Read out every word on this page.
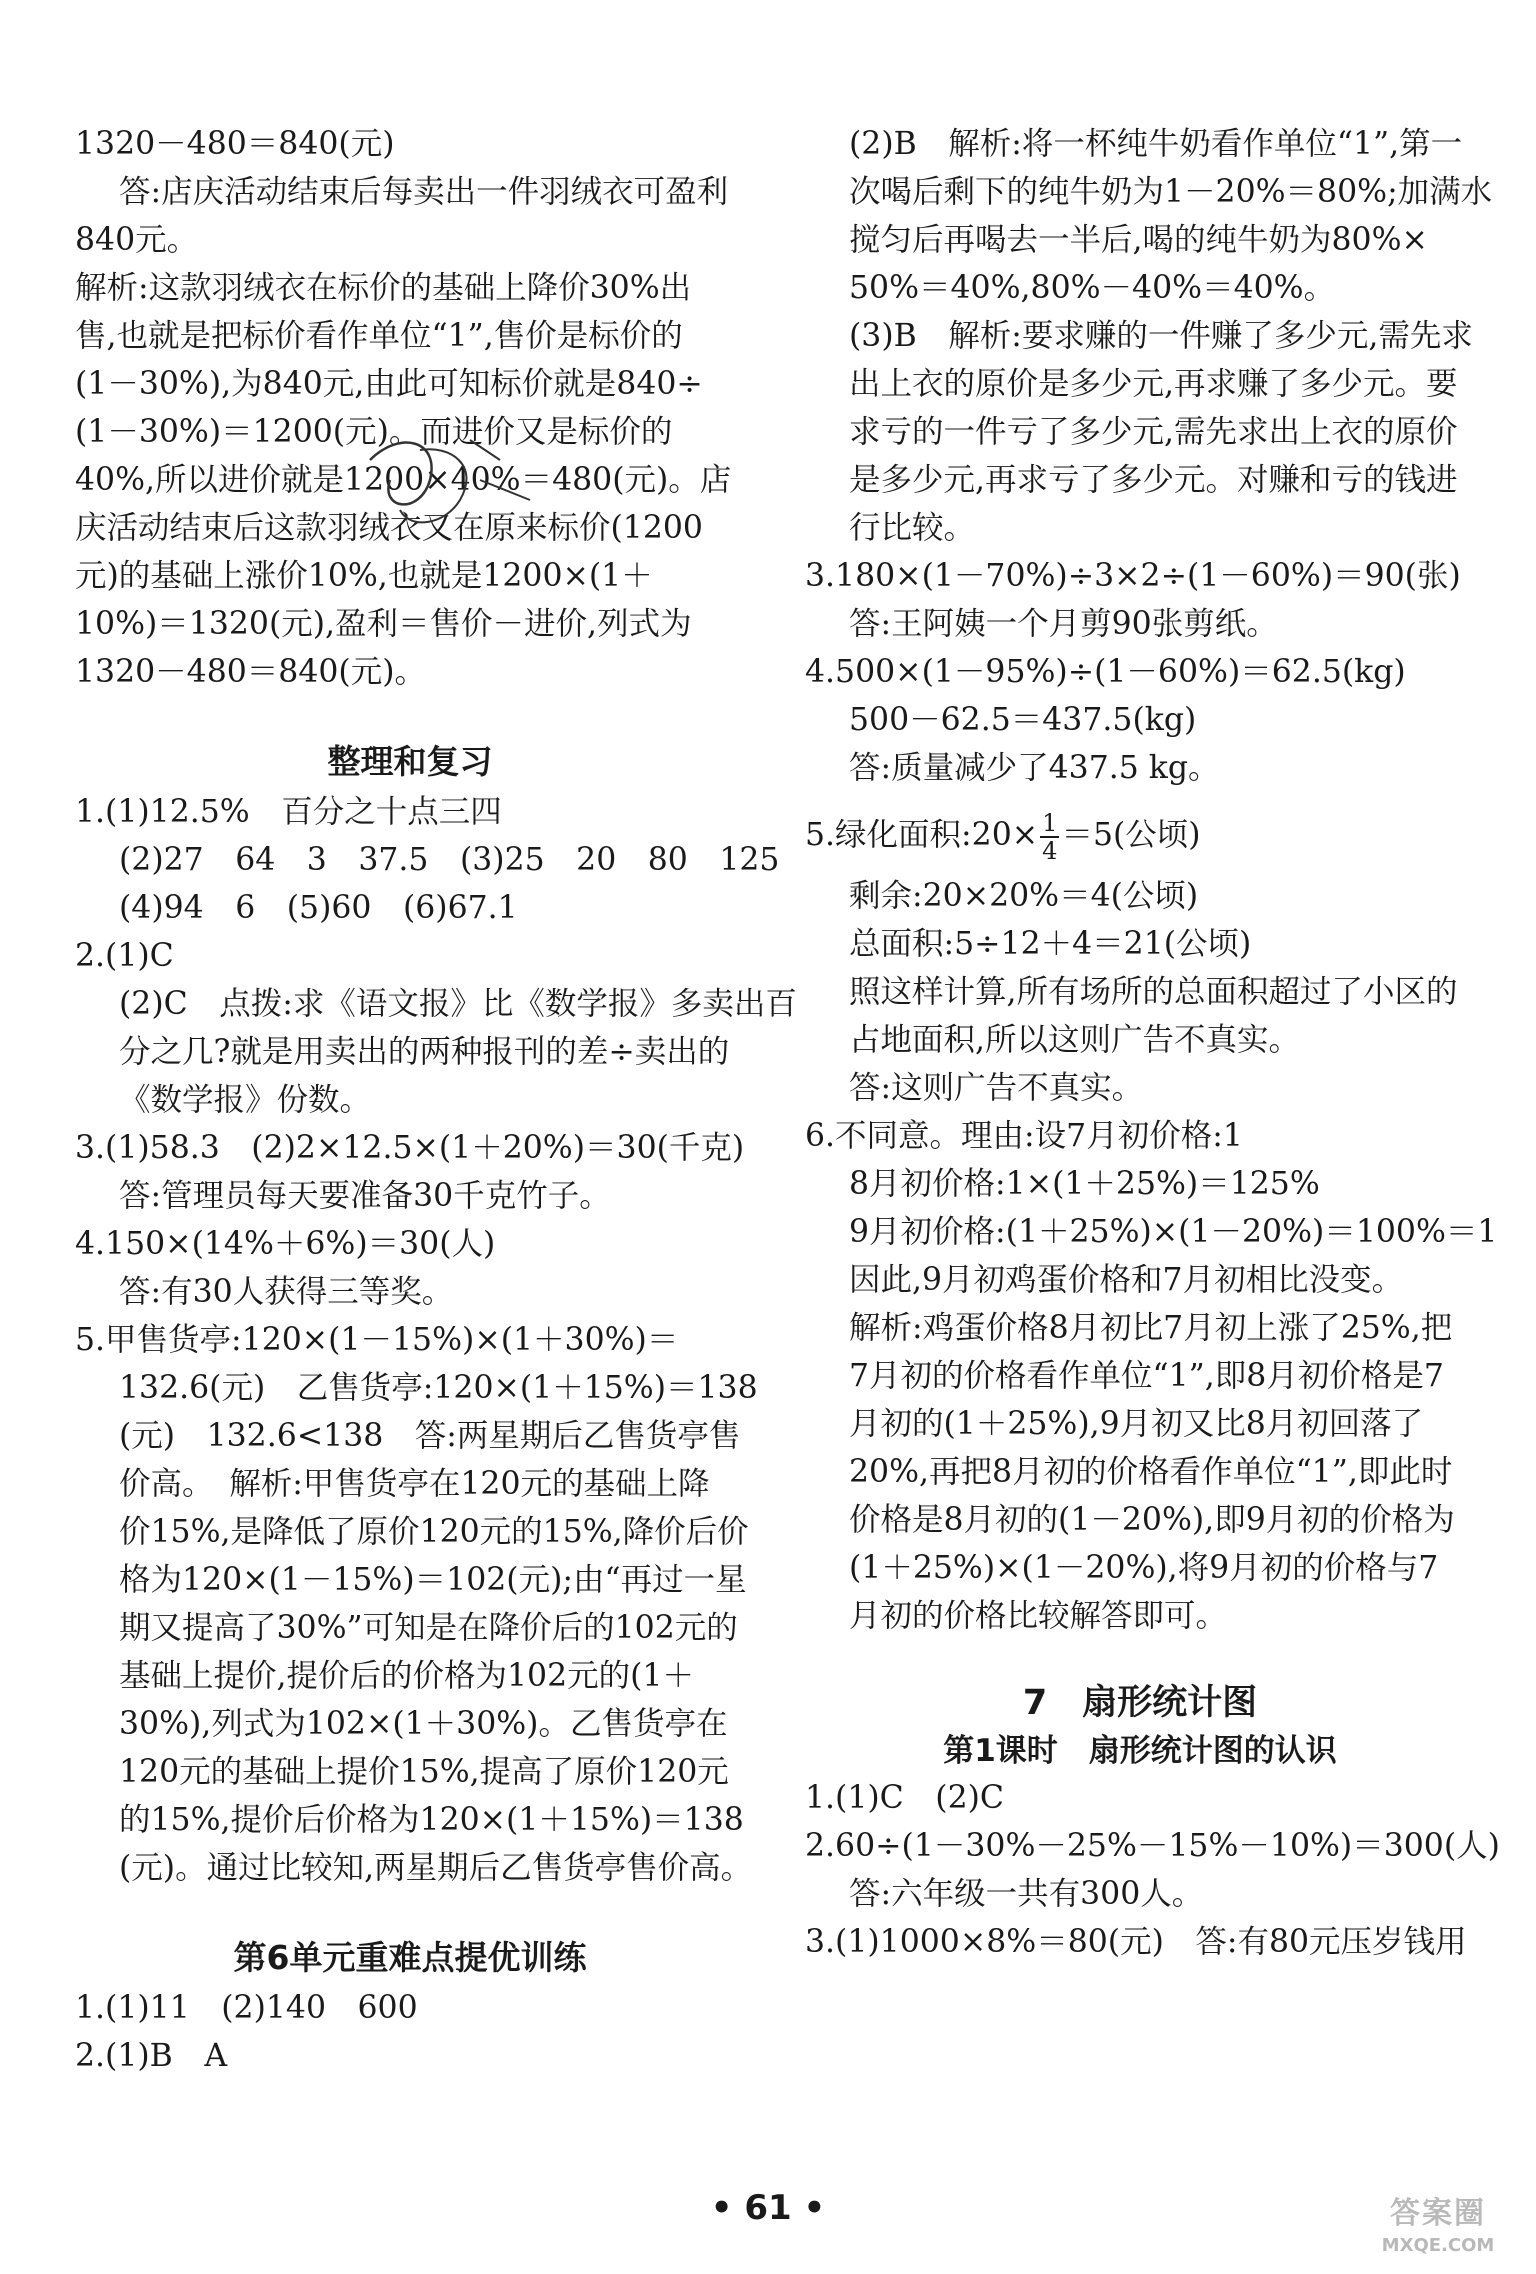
1320－480＝840(元)
答:店庆活动结束后每卖出一件羽绒衣可盈利
840元。
解析:这款羽绒衣在标价的基础上降价30%出
售,也就是把标价看作单位“1”,售价是标价的
(1－30%),为840元,由此可知标价就是840÷
(1－30%)＝1200(元)。而进价又是标价的
40%,所以进价就是1200×40%＝480(元)。店
庆活动结束后这款羽绒衣又在原来标价(1200
元)的基础上涨价10%,也就是1200×(1＋
10%)＝1320(元),盈利＝售价－进价,列式为
1320－480＝840(元)。
整理和复习
1.(1)12.5%　百分之十点三四
(2)27　64　3　37.5　(3)25　20　80　125
(4)94　6　(5)60　(6)67.1
2.(1)C
(2)C　点拨:求《语文报》比《数学报》多卖出百
分之几?就是用卖出的两种报刊的差÷卖出的
《数学报》份数。
3.(1)58.3　(2)2×12.5×(1＋20%)＝30(千克)
答:管理员每天要准备30千克竹子。
4.150×(14%＋6%)＝30(人)
答:有30人获得三等奖。
5.甲售货亭:120×(1－15%)×(1＋30%)＝
132.6(元)　乙售货亭:120×(1＋15%)＝138
(元)　132.6<138　答:两星期后乙售货亭售
价高。　解析:甲售货亭在120元的基础上降
价15%,是降低了原价120元的15%,降价后价
格为120×(1－15%)＝102(元);由“再过一星
期又提高了30%”可知是在降价后的102元的
基础上提价,提价后的价格为102元的(1＋
30%),列式为102×(1＋30%)。乙售货亭在
120元的基础上提价15%,提高了原价120元
的15%,提价后价格为120×(1＋15%)＝138
(元)。通过比较知,两星期后乙售货亭售价高。
第6单元重难点提优训练
1.(1)11　(2)140　600
2.(1)B　A
(2)B　解析:将一杯纯牛奶看作单位“1”,第一
次喝后剩下的纯牛奶为1－20%＝80%;加满水
搅匀后再喝去一半后,喝的纯牛奶为80%×
50%＝40%,80%－40%＝40%。
(3)B　解析:要求赚的一件赚了多少元,需先求
出上衣的原价是多少元,再求赚了多少元。要
求亏的一件亏了多少元,需先求出上衣的原价
是多少元,再求亏了多少元。对赚和亏的钱进
行比较。
3.180×(1－70%)÷3×2÷(1－60%)＝90(张)
答:王阿姨一个月剪90张剪纸。
4.500×(1－95%)÷(1－60%)＝62.5(kg)
500－62.5＝437.5(kg)
答:质量减少了437.5 kg。
5.绿化面积:20× $\frac{1}{4} =5$(公顷)
剩余:20×20%＝4(公顷)
总面积:5÷12＋4＝21(公顷)
照这样计算,所有场所的总面积超过了小区的
占地面积,所以这则广告不真实。
答:这则广告不真实。
6.不同意。理由:设7月初价格:1
8月初价格:1×(1＋25%)＝125%
9月初价格:(1＋25%)×(1－20%)＝100%＝1
因此,9月初鸡蛋价格和7月初相比没变。
解析:鸡蛋价格8月初比7月初上涨了25%,把
7月初的价格看作单位“1”,即8月初价格是7
月初的(1＋25%),9月初又比8月初回落了
20%,再把8月初的价格看作单位“1”,即此时
价格是8月初的(1－20%),即9月初的价格为
(1＋25%)×(1－20%),将9月初的价格与7
月初的价格比较解答即可。
7　扇形统计图
第1课时　扇形统计图的认识
1.(1)C　(2)C
2.60÷(1－30%－25%－15%－10%)＝300(人)
答:六年级一共有300人。
3.(1)1000×8%＝80(元)　答:有80元压岁钱用
• 61 •	答案圈
MXQE.COM
